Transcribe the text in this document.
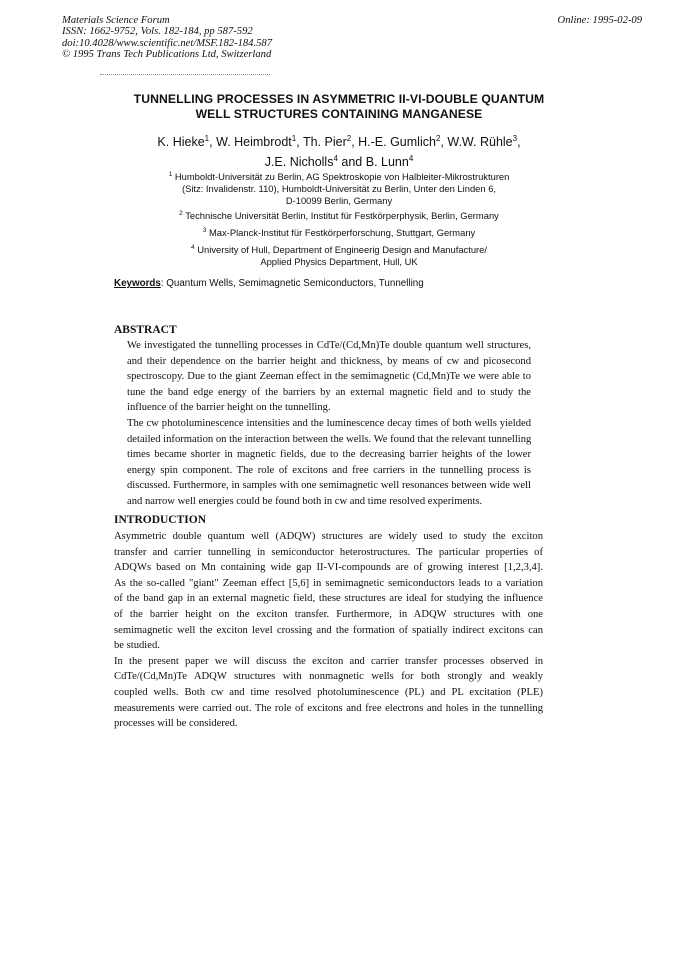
Materials Science Forum
ISSN: 1662-9752, Vols. 182-184, pp 587-592
doi:10.4028/www.scientific.net/MSF.182-184.587
© 1995 Trans Tech Publications Ltd, Switzerland
Online: 1995-02-09
TUNNELLING PROCESSES IN ASYMMETRIC II-VI-DOUBLE QUANTUM
WELL STRUCTURES CONTAINING MANGANESE
K. Hieke$^1$, W. Heimbrodt$^1$, Th. Pier$^2$, H.-E. Gumlich$^2$, W.W. Rühle$^3$,
J.E. Nicholls$^4$ and B. Lunn$^4$
$^1$ Humboldt-Universität zu Berlin, AG Spektroskopie von Halbleiter-Mikrostrukturen
(Sitz: Invalidenstr. 110), Humboldt-Universität zu Berlin, Unter den Linden 6,
D-10099 Berlin, Germany
$^2$ Technische Universität Berlin, Institut für Festkörperphysik, Berlin, Germany
$^3$ Max-Planck-Institut für Festkörperforschung, Stuttgart, Germany
$^4$ University of Hull, Department of Engineerig Design and Manufacture/
Applied Physics Department, Hull, UK
Keywords: Quantum Wells, Semimagnetic Semiconductors, Tunnelling
ABSTRACT
We investigated the tunnelling processes in CdTe/(Cd,Mn)Te double quantum well structures,
and their dependence on the barrier height and thickness, by means of cw and picosecond
spectroscopy. Due to the giant Zeeman effect in the semimagnetic (Cd,Mn)Te we were able to
tune the band edge energy of the barriers by an external magnetic field and to study the
influence of the barrier height on the tunnelling.
The cw photoluminescence intensities and the luminescence decay times of both wells yielded
detailed information on the interaction between the wells. We found that the relevant tunnelling
times became shorter in magnetic fields, due to the decreasing barrier heights of the lower
energy spin component. The role of excitons and free carriers in the tunnelling process is
discussed. Furthermore, in samples with one semimagnetic well resonances between wide well
and narrow well energies could be found both in cw and time resolved experiments.
INTRODUCTION
Asymmetric double quantum well (ADQW) structures are widely used to study the exciton
transfer and carrier tunnelling in semiconductor heterostructures. The particular properties of
ADQWs based on Mn containing wide gap II-VI-compounds are of growing interest [1,2,3,4].
As the so-called "giant" Zeeman effect [5,6] in semimagnetic semiconductors leads to a variation
of the band gap in an external magnetic field, these structures are ideal for studying the influence
of the barrier height on the exciton transfer. Furthermore, in ADQW structures with one
semimagnetic well the exciton level crossing and the formation of spatially indirect excitons can
be studied.
In the present paper we will discuss the exciton and carrier transfer processes observed in
CdTe/(Cd,Mn)Te ADQW structures with nonmagnetic wells for both strongly and weakly
coupled wells. Both cw and time resolved photoluminescence (PL) and PL excitation (PLE)
measurements were carried out. The role of excitons and free electrons and holes in the tunnelling
processes will be considered.
